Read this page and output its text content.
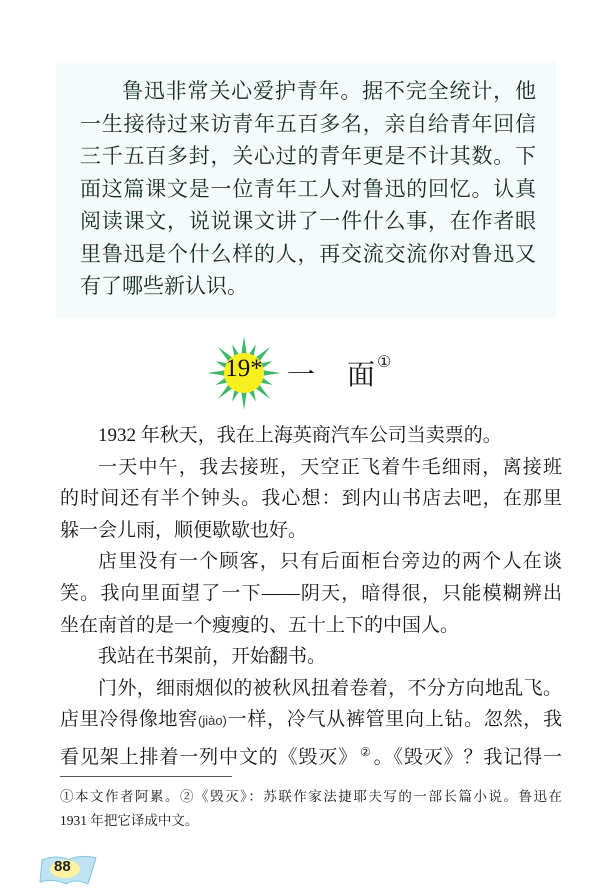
鲁迅非常关心爱护青年。据不完全统计，他
一生接待过来访青年五百多名，亲自给青年回信
三千五百多封，关心过的青年更是不计其数。下
面这篇课文是一位青年工人对鲁迅的回忆。认真
阅读课文，说说课文讲了一件什么事，在作者眼
里鲁迅是个什么样的人，再交流交流你对鲁迅又
有了哪些新认识。
19* 一 面 ①
1932 年秋天，我在上海英商汽车公司当卖票的。
一天中午，我去接班，天空正飞着牛毛细雨，离接班
的时间还有半个钟头。我心想：到内山书店去吧，在那里
躲一会儿雨，顺便歇歇也好。
店里没有一个顾客，只有后面柜台旁边的两个人在谈
笑。我向里面望了一下——阴天，暗得很，只能模糊辨出
坐在南首的是一个瘦瘦的、五十上下的中国人。
我站在书架前，开始翻书。
门外，细雨烟似的被秋风扭着卷着，不分方向地乱飞。
店里冷得像地窖(jiào)一样，冷气从裤管里向上钻。忽然，我
看见架上排着一列中文的《毁灭》 ② 。《毁灭》？我记得一
①本文作者阿累。②《毁灭》：苏联作家法捷耶夫写的一部长篇小说。鲁迅在
1931 年把它译成中文。
88
